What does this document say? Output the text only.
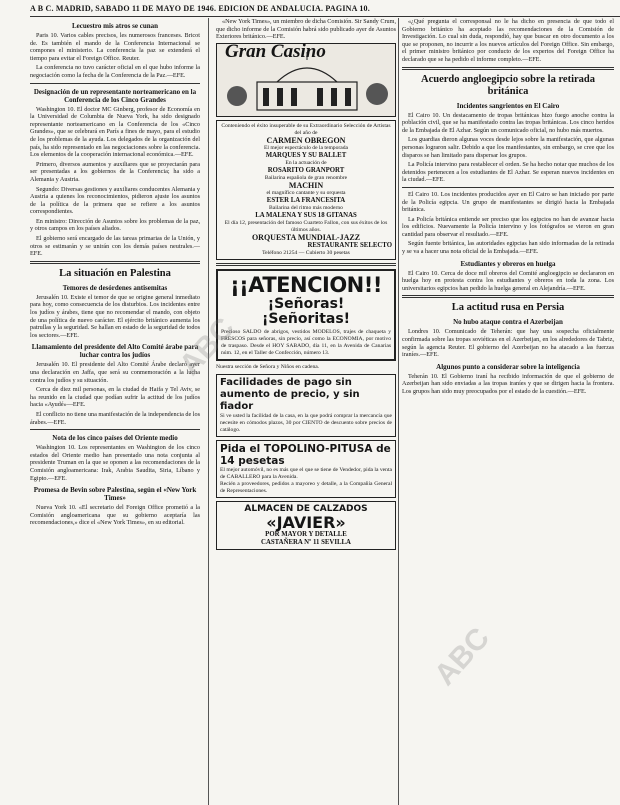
A B C. MADRID, SABADO 11 DE MAYO DE 1946. EDICION DE ANDALUCIA. PAGINA 10.
Lecuestro mis atros se cunan

Paris 10. Varios cables precisos, les numerosos franceses. Bricot de. Es también el mando de la Conferencia Internacional se compones el ministerio. La conferencia la paz se extenderá el tiempo para evitar el Foreign Office. Reuter.

La conferencia no tuvo carácter oficial en el que hubo informe la negociación como la fecha de la Conferencia de la Paz.—EFE.

Designación de un representante norteamericano en la Conferencia de los Cinco Grandes

Washington 10. El doctor MC Ginberg, profesor de Economía en la Universidad de Columbia de Nueva York, ha sido designado representante norteamericano en la Conferencia de los «Cinco Grandes», que se celebrará en París a fines de mayo, para el estudio de los problemas de la ayuda. Los delegados de la organización del país, ha sido representado en las negociaciones sobre la conferencia. Los elementos de la cooperación internacional económica.—EFE.

Primero, diversos aumentos y auxiliares que se proyectarán para ser presentadas a los gobiernos de la Conferencia; ha sido a Alemania y Austria.

Segundo: Diversas gestiones y auxiliares conducentes Alemania y Austria a quienes los reconocimientos, pidieron ajuste los asuntos de la política de la primera que se refiere a los asuntos correspondientes.

En ministro: Dirección de Asuntos sobre los problemas de la paz, y otros campos en los países aliados.

El gobierno será encargado de las tareas primarias de la Unión, y otros se estimarán y se unirán con los demás países neutrales.—EFE.

La situación en Palestina
Temores de desórdenes antisemitas

Jerusalén 10. Existe el temor de que se origine general inmediato para hoy, como consecuencia de los disturbios. Los incidentes entre los judíos y árabes, tiene que no recomendar el mando, con objeto de una política de nuevo carácter. El ejército británico aumenta los patrullas y la seguridad. Se hallan en estado de la seguridad de todos los sectores.—EFE.

Llamamiento del presidente del Alto Comité árabe para luchar contra los judíos

Jerusalén 10. El presidente del Alto Comité Árabe declaró ayer una declaración en Jaffa, que será su conmemoración a la lucha contra los judíos y su situación.

Cerca de diez mil personas, en la ciudad de Haifa y Tel Aviv, se ha reunido en la ciudad que podían sufrir la actitud de los judíos hacia «Ayudé»—EFE.

El conflicto no tiene una manifestación de la independencia de los árabes.—EFE.

Nota de los cinco países del Oriente medio

Washington 10. Los representantes en Washington de los cinco estados del Oriente medio han presentado una nota conjunta al presidente Truman en la que se oponen a las recomendaciones de la Comisión angloamericana: Irak, Arabia Saudita, Siria, Líbano y Egipto.—EFE.

Promesa de Bevin sobre Palestina, según el «New York Times»

Nueva York 10. «El secretario del Foreign Office prometió a la Comisión angloamericana que su gobierno aceptaría las recomendaciones,» dice el «New York Times», en su editorial.

«New York Times», un miembro de dicha Comisión. Sir Sandy Crum, que dicho informe de la Comisión habrá sido publicado ayer de Asuntos Exteriores británico.—EFE.

Gran Casino
Conteniendo el éxito insuperable de su Extraordinario Selección de Artistas del año de
CARMEN OBREGON
El mejor espectáculo de la temporada
MARQUES Y SU BALLET
En la actuación de
ROSARITO GRANPORT
Bailarina española de gran renombre
MACHIN
el magnífico cantante y su orquesta
ESTER LA FRANCESITA
Bailarina del ritmo más moderno
LA MALENA Y SUS 18 GITANAS
El día 12, presentación del famoso Cuarteto Fallon, con sus éxitos de los últimos años.
ORQUESTA MUNDIAL-JAZZ
RESTAURANTE SELECTO
Teléfono 21254 — Cubierto 30 pesetas
¡¡ATENCION!!
¡Señoras!
¡Señoritas!
Precioso SALDO de abrigos, vestidos MODELOS, trajes de chaqueta y FRESCOS para señoras, sin precio, así como la ECONOMIA, por motivo de traspaso. Desde el HOY SABADO, día 11, en la Avenida de Canarias núm. 12, en el Taller de Confección, número 13.
Nuestra sección de Señora y Niños en cadena.
Facilidades de pago sin aumento de precio, y sin fiador
Si ve usted la facilidad de la casa, en la que podrá comprar la mercancía que necesite en cómodos plazos, 30 por CIENTO de descuento sobre precios de catálogo.
Pida el TOPOLINO-PITUSA de 14 pesetas
El mejor automóvil, no es más que el que se tiene de Vendedor, pida la venta de CABALLERO para la Avenida.
Recién a proveedores, pedidos a mayoreo y detalle, a la Compañía General de Representaciones.
ALMACEN DE CALZADOS
«JAVIER»
POR MAYOR Y DETALLE
CASTAÑERA Nº 11 SEVILLA

«¿Qué pregunta el corresponsal no le ha dicho en presencia de que todo el Gobierno británico ha aceptado las recomendaciones de la Comisión de Investigación. Lo cual sin duda, respondió, hay que buscar en otro documento a los que se proponen, no incurrir a los nuevos artículos del Foreign Office. Sin embargo, el primer ministro británico por conducto de los expertos del Foreign Office ha declarado que se ha pedido el informe completo.—EFE.

Acuerdo angloegipcio sobre la retirada británica
Incidentes sangrientos en El Cairo

El Cairo 10. Un destacamento de tropas británicas hizo fuego anoche contra la población civil, que se ha manifestado contra las tropas británicas. Los cinco heridos de la Embajada de El Azhar. Según un comunicado oficial, no hubo más muertos.

Los guardias dieron algunas voces desde lejos sobre la manifestación, que algunas personas lograron salir. Debido a que los manifestantes, sin embargo, se cree que los disparos se han limitado para dispersar los grupos.

La Policía intervino para restablecer el orden. Se ha hecho notar que muchos de los detenidos pertenecen a los estudiantes de El Azhar. Se esperan nuevos incidentes en la ciudad.—EFE.

El Cairo 10. Los incidentes producidos ayer en El Cairo se han iniciado por parte de la Policía egipcia. Un grupo de manifestantes se dirigió hacia la Embajada británica.

La Policía británica entiende ser preciso que los egipcios no han de avanzar hacia los edificios. Nuevamente la Policía intervino y los fotógrafos se vieron en gran cantidad para observar el resultado.—EFE.

Según fuente británica, las autoridades egipcias han sido informadas de la retirada y se va a hacer una nota oficial de la Embajada.—EFE.

Estudiantes y obreros en huelga

El Cairo 10. Cerca de doce mil obreros del Comité angloegipcio se declararon en huelga hoy en protesta contra los estudiantes y obreros en toda la zona. Los universitarios egipcios han pedido la huelga general en Alejandría.—EFE.

La actitud rusa en Persia
No hubo ataque contra el Azerbeijan

Londres 10. Comunicado de Teherán: que hay una sospecha oficialmente confirmada sobre las tropas soviéticas en el Azerbeijan, en los alrededores de Tabriz, según la agencia Reuter. El gobierno del Azerbeijan no ha atacado a las fuerzas iraníes.—EFE.

Algunos punto a considerar sobre la inteligencia

Teherán 10. El Gobierno iraní ha recibido información de que el gobierno de Azerbeijan han sido enviadas a las tropas iraníes y que se dirigen hacia la frontera. Los grupos han sido muy preocupados por el estado de la cuestión.—EFE.

ABC
ABC
